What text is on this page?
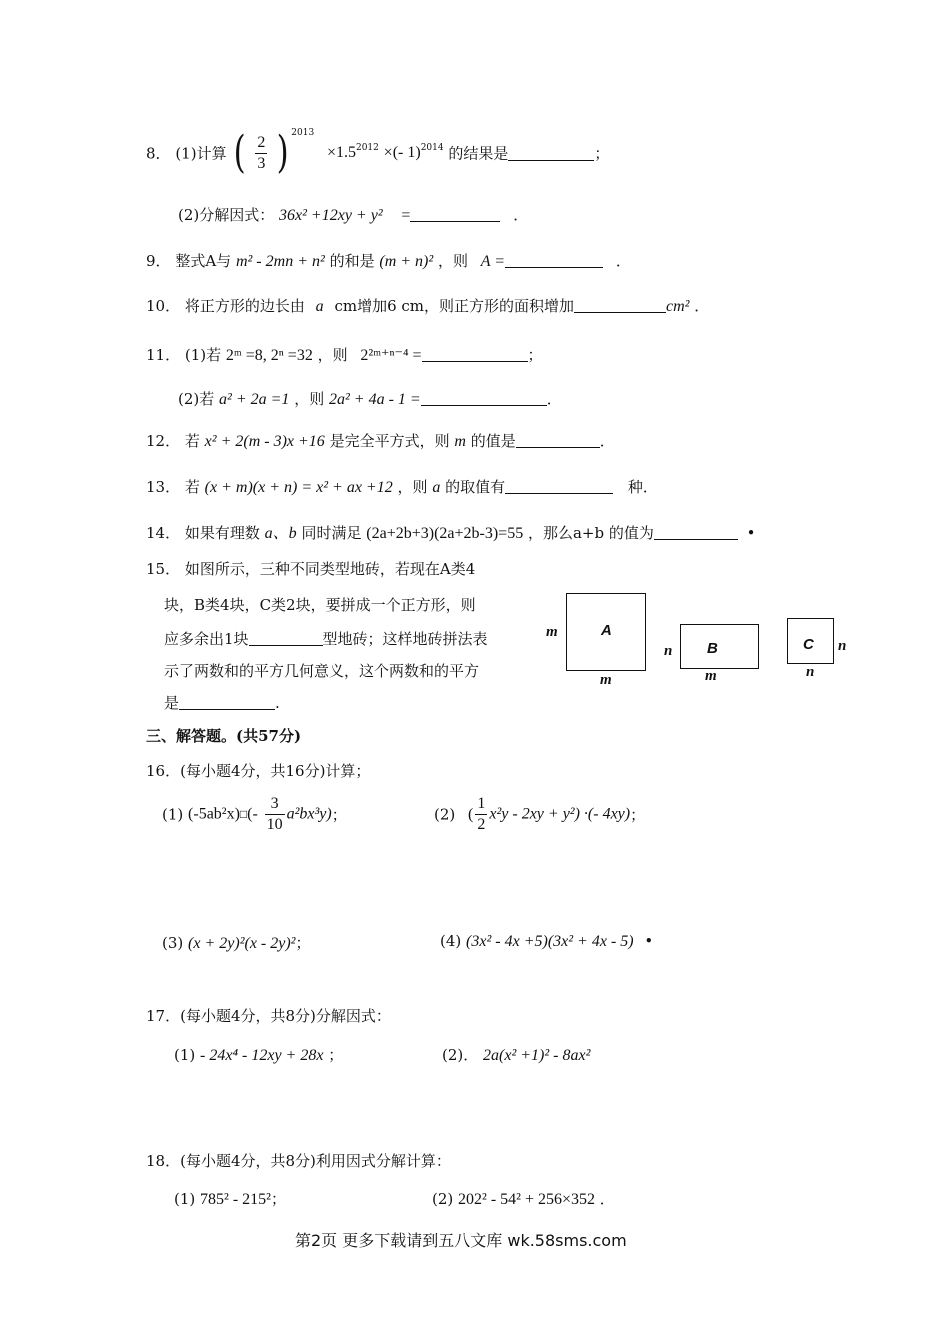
8． (1)计算 ( $\frac{2}{3}$ ) $^{2013} \times 1.5^{2012}$ ×(- 1)$^{2014}$ 的结果是	；
(2)分解因式： 36x² +12xy + y² =	．
9． 整式A与 m² - 2mn + n² 的和是 (m + n)² ，则 A =	．
10． 将正方形的边长由 a cm增加6 cm，则正方形的面积增加	cm² ．
11． (1)若 2ᵐ =8, 2ⁿ =32 ，则 2²ᵐ⁺ⁿ⁻⁴ =	；
(2)若 a² + 2a =1 ，则 2a² + 4a - 1 =	．
12． 若 x² + 2(m - 3)x +16 是完全平方式，则 m 的值是	．
13． 若 (x + m)(x + n) = x² + ax +12 ，则 a 的取值有	种．
14． 如果有理数 a、b 同时满足 (2a+2b+3)(2a+2b-3)=55 ，那么a+b 的值为	•
15． 如图所示，三种不同类型地砖，若现在A类4
块，B类4块，C类2块，要拼成一个正方形，则
应多余出1块	型地砖；这样地砖拼法表
示了两数和的平方几何意义，这个两数和的平方
是	.
A
m
m
B
n
m
C n
n
三、解答题。(共57分)
16．(每小题4分，共16分)计算；
(1) (-5ab²x)□(- $\frac{3}{10} a^2bx^3y$)；	(2) ( $\frac{1}{2} x^2y - 2xy + y^2$) ·(- 4xy)；
(3) (x + 2y)²(x - 2y)²；	(4) (3x² - 4x +5)(3x² + 4x - 5) •
17．(每小题4分，共8分)分解因式：
(1) - 24x⁴ - 12xy + 28x ；	(2)． 2a(x² +1)² - 8ax²
18．(每小题4分，共8分)利用因式分解计算：
(1) 785² - 215²；	(2) 202² - 54² + 256×352 ．
第2页 更多下载请到五八文库 wk.58sms.com
